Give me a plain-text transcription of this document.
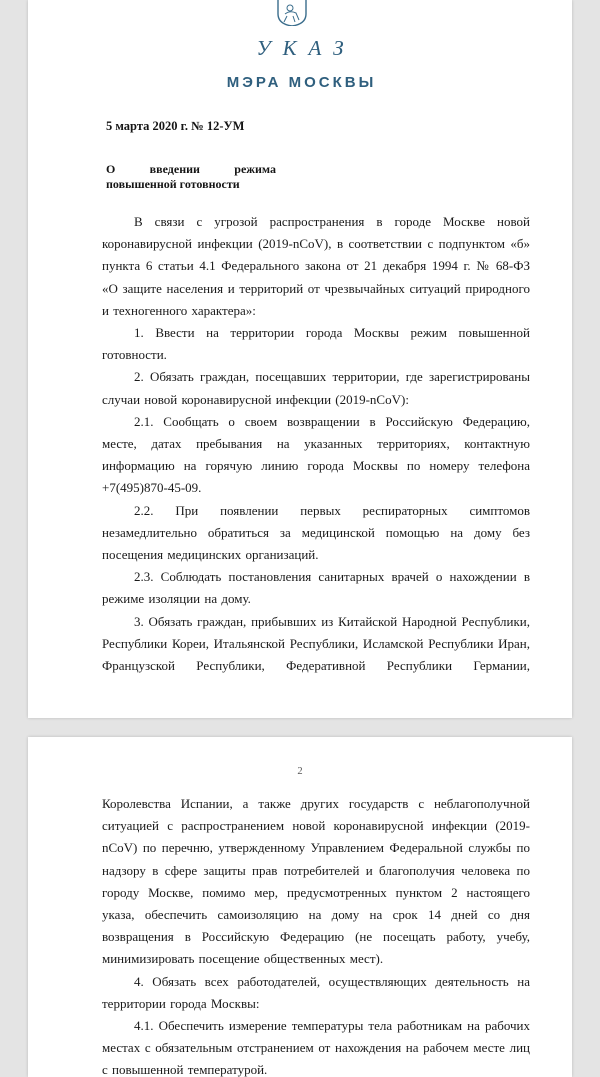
УКАЗ
МЭРА МОСКВЫ
5 марта 2020 г. № 12-УМ
О	введении	режима
повышенной готовности

В связи с угрозой распространения в городе Москве новой коронавирусной инфекции (2019-nCoV), в соответствии с подпунктом «б» пункта 6 статьи 4.1 Федерального закона от 21 декабря 1994 г. № 68-ФЗ «О защите населения и территорий от чрезвычайных ситуаций природного и техногенного характера»:

1. Ввести на территории города Москвы режим повышенной готовности.

2. Обязать граждан, посещавших территории, где зарегистрированы случаи новой коронавирусной инфекции (2019-nCoV):

2.1. Сообщать о своем возвращении в Российскую Федерацию, месте, датах пребывания на указанных территориях, контактную информацию на горячую линию города Москвы по номеру телефона +7(495)870-45-09.

2.2. При появлении первых респираторных симптомов незамедлительно обратиться за медицинской помощью на дому без посещения медицинских организаций.

2.3. Соблюдать постановления санитарных врачей о нахождении в режиме изоляции на дому.

3. Обязать граждан, прибывших из Китайской Народной Республики, Республики Кореи, Итальянской Республики, Исламской Республики Иран, Французской Республики, Федеративной Республики Германии,

2

Королевства Испании, а также других государств с неблагополучной ситуацией с распространением новой коронавирусной инфекции (2019-nCoV) по перечню, утвержденному Управлением Федеральной службы по надзору в сфере защиты прав потребителей и благополучия человека по городу Москве, помимо мер, предусмотренных пунктом 2 настоящего указа, обеспечить самоизоляцию на дому на срок 14 дней со дня возвращения в Российскую Федерацию (не посещать работу, учебу, минимизировать посещение общественных мест).

4. Обязать всех работодателей, осуществляющих деятельность на территории города Москвы:

4.1. Обеспечить измерение температуры тела работникам на рабочих местах с обязательным отстранением от нахождения на рабочем месте лиц с повышенной температурой.
